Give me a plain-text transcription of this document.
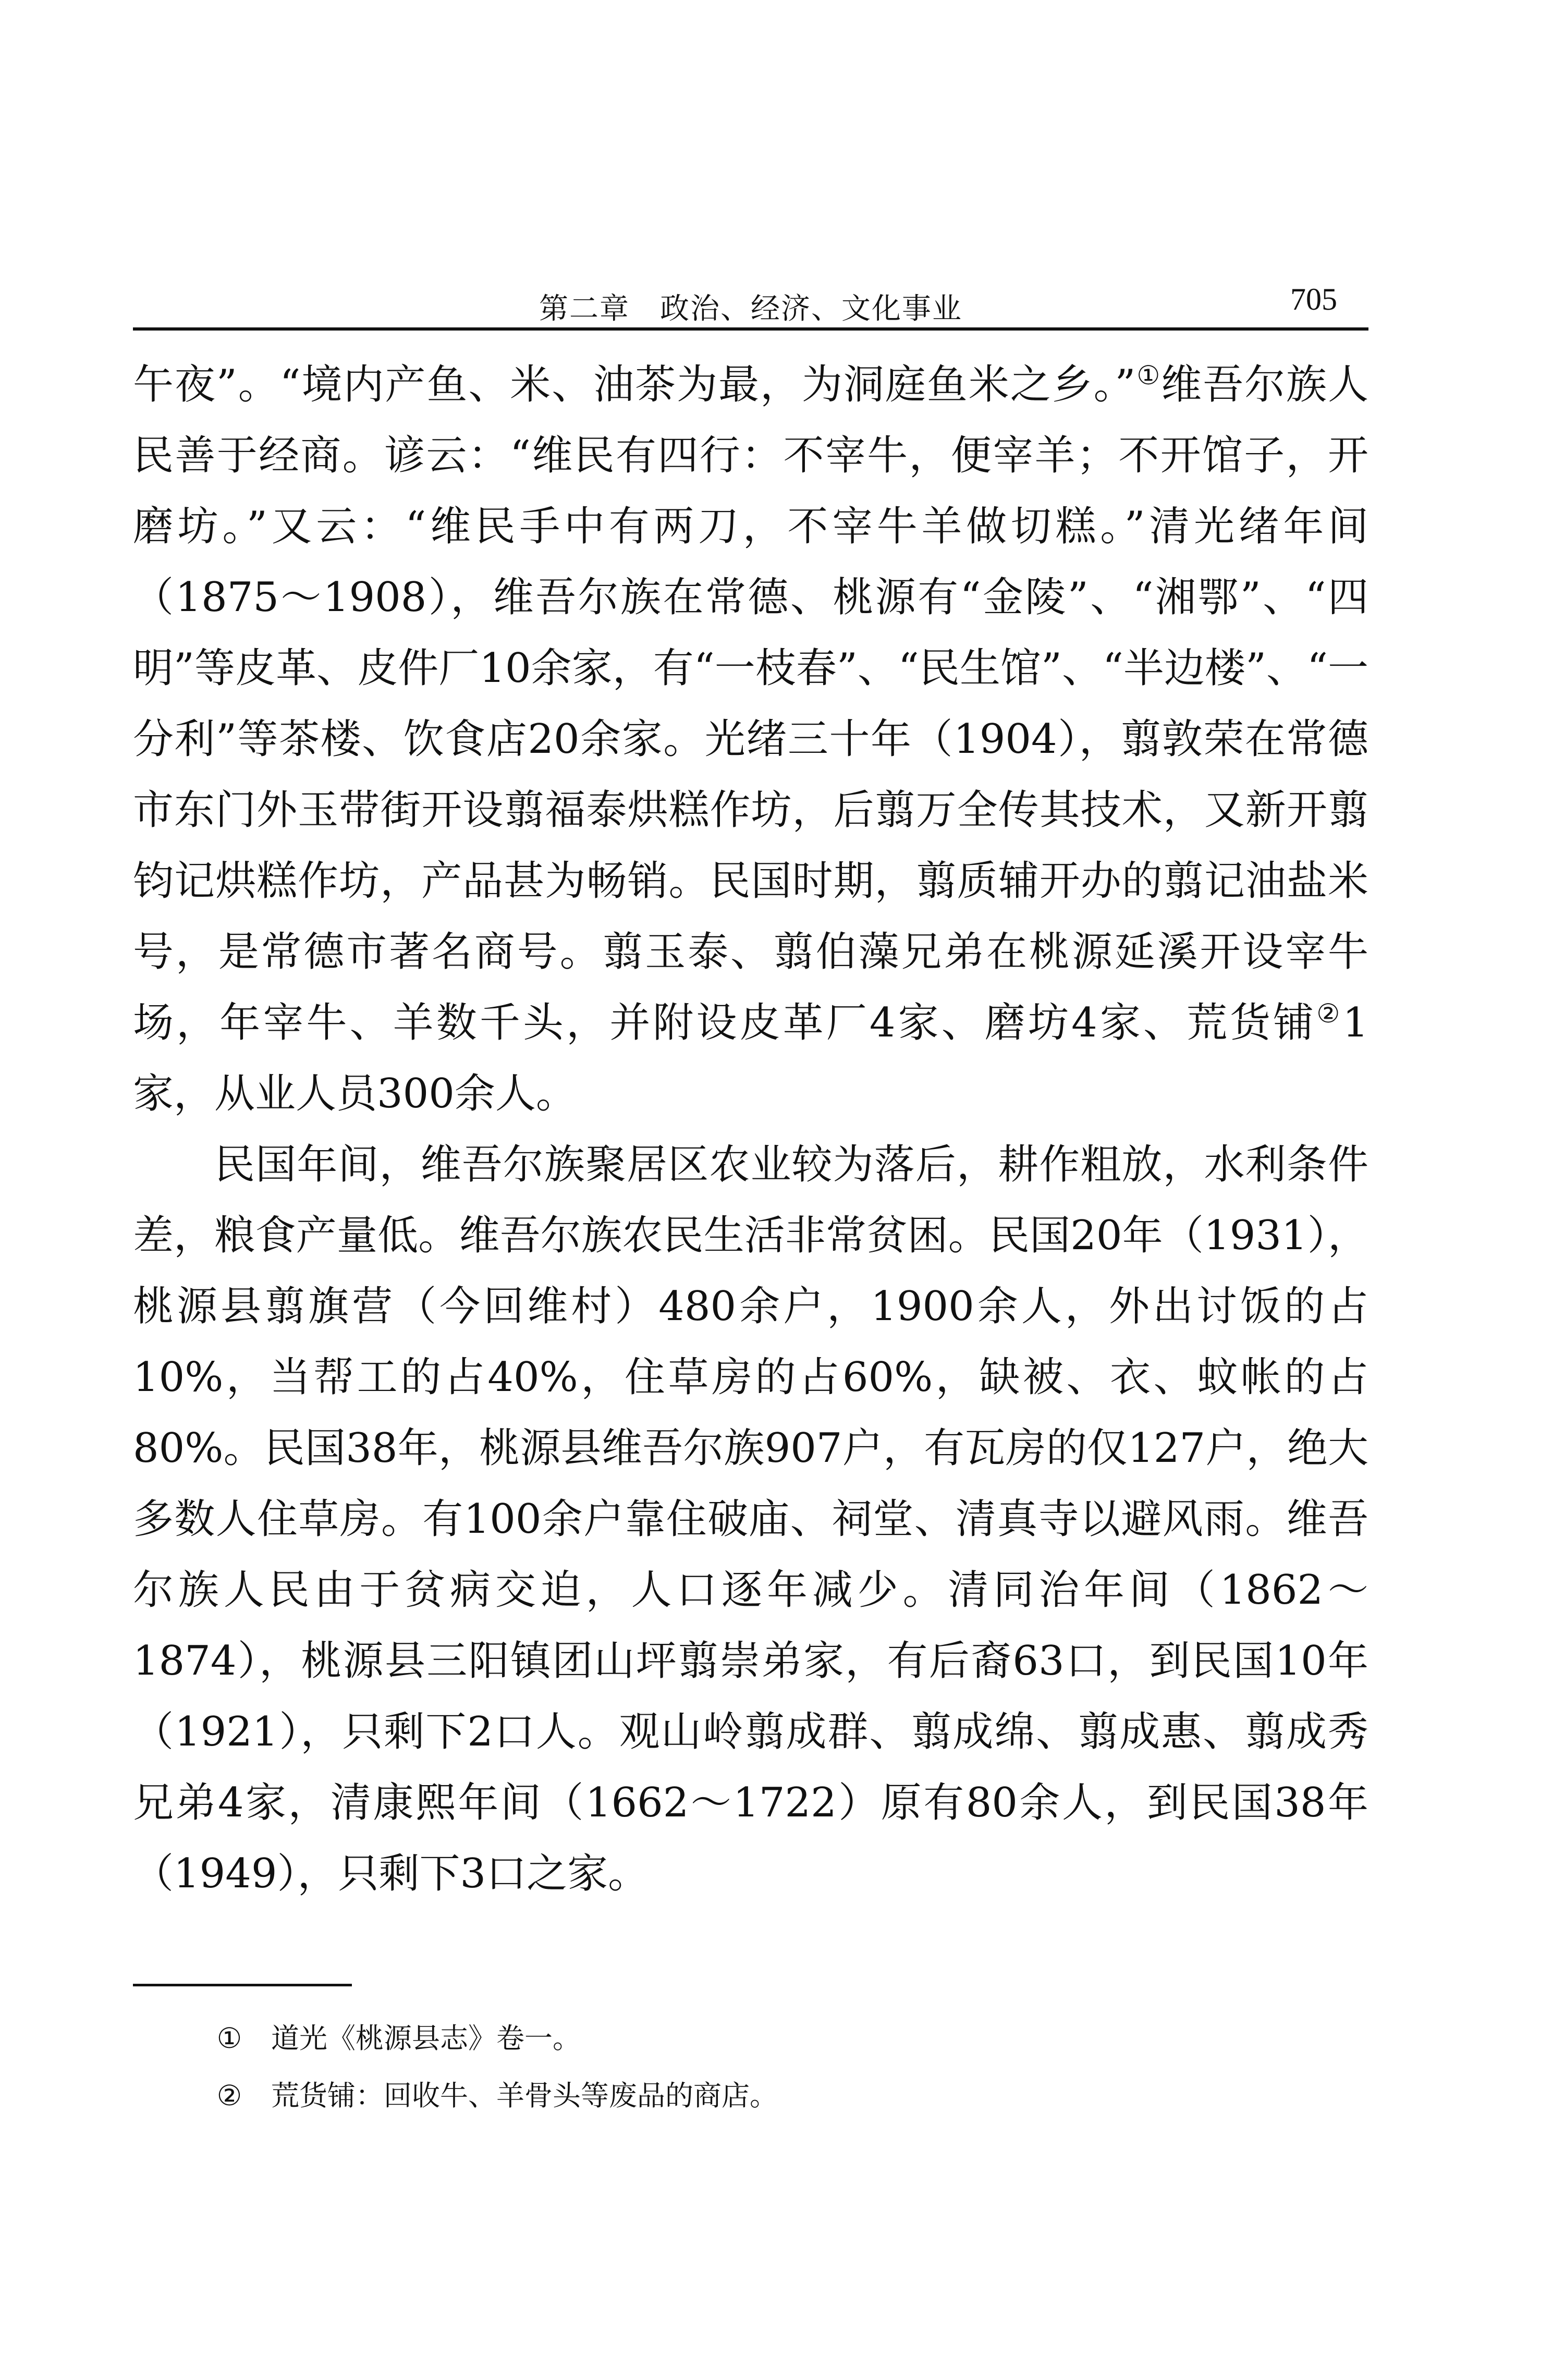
第二章　政治、经济、文化事业	705

午夜”。“境内产鱼、米、油茶为最，为洞庭鱼米之乡。”①维吾尔族人民善于经商。谚云：“维民有四行：不宰牛，便宰羊；不开馆子，开磨坊。”又云：“维民手中有两刀，不宰牛羊做切糕。”清光绪年间（1875～1908），维吾尔族在常德、桃源有“金陵”、“湘鄂”、“四明”等皮革、皮件厂10余家，有“一枝春”、“民生馆”、“半边楼”、“一分利”等茶楼、饮食店20余家。光绪三十年（1904），翦敦荣在常德市东门外玉带街开设翦福泰烘糕作坊，后翦万全传其技术，又新开翦钧记烘糕作坊，产品甚为畅销。民国时期，翦质辅开办的翦记油盐米号，是常德市著名商号。翦玉泰、翦伯藻兄弟在桃源延溪开设宰牛场，年宰牛、羊数千头，并附设皮革厂4家、磨坊4家、荒货铺②1家，从业人员300余人。

民国年间，维吾尔族聚居区农业较为落后，耕作粗放，水利条件差，粮食产量低。维吾尔族农民生活非常贫困。民国20年（1931），桃源县翦旗营（今回维村）480余户，1900余人，外出讨饭的占10%，当帮工的占40%，住草房的占60%，缺被、衣、蚊帐的占80%。民国38年，桃源县维吾尔族907户，有瓦房的仅127户，绝大多数人住草房。有100余户靠住破庙、祠堂、清真寺以避风雨。维吾尔族人民由于贫病交迫，人口逐年减少。清同治年间（1862～1874），桃源县三阳镇团山坪翦崇弟家，有后裔63口，到民国10年（1921），只剩下2口人。观山岭翦成群、翦成绵、翦成惠、翦成秀兄弟4家，清康熙年间（1662～1722）原有80余人，到民国38年（1949），只剩下3口之家。

① 道光《桃源县志》卷一。
② 荒货铺：回收牛、羊骨头等废品的商店。
